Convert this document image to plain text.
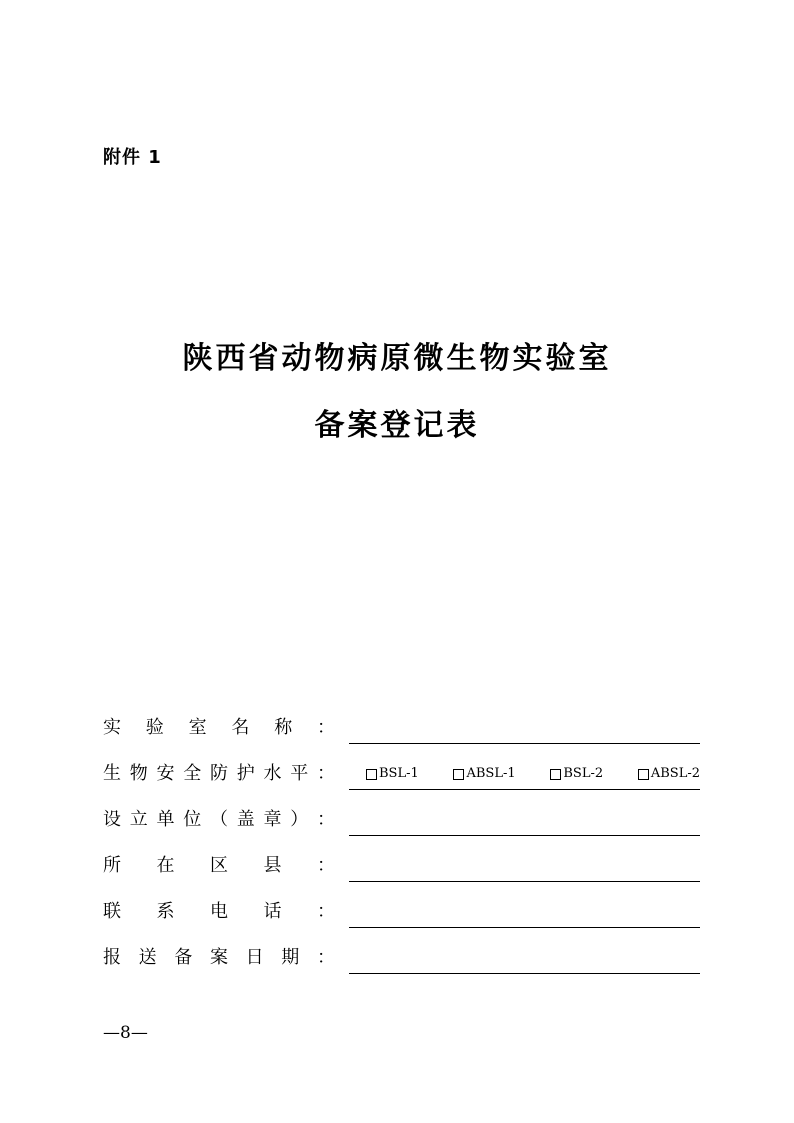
附件 1
陕西省动物病原微生物实验室
备案登记表
实 验 室 名 称 ：
生 物 安 全 防 护 水 平 ：	BSL-1	ABSL-1	BSL-2	ABSL-2
设 立 单 位 （ 盖 章 ） ：
所 在 区 县 ：
联 系 电 话 ：
报 送 备 案 日 期 ：
—8—
